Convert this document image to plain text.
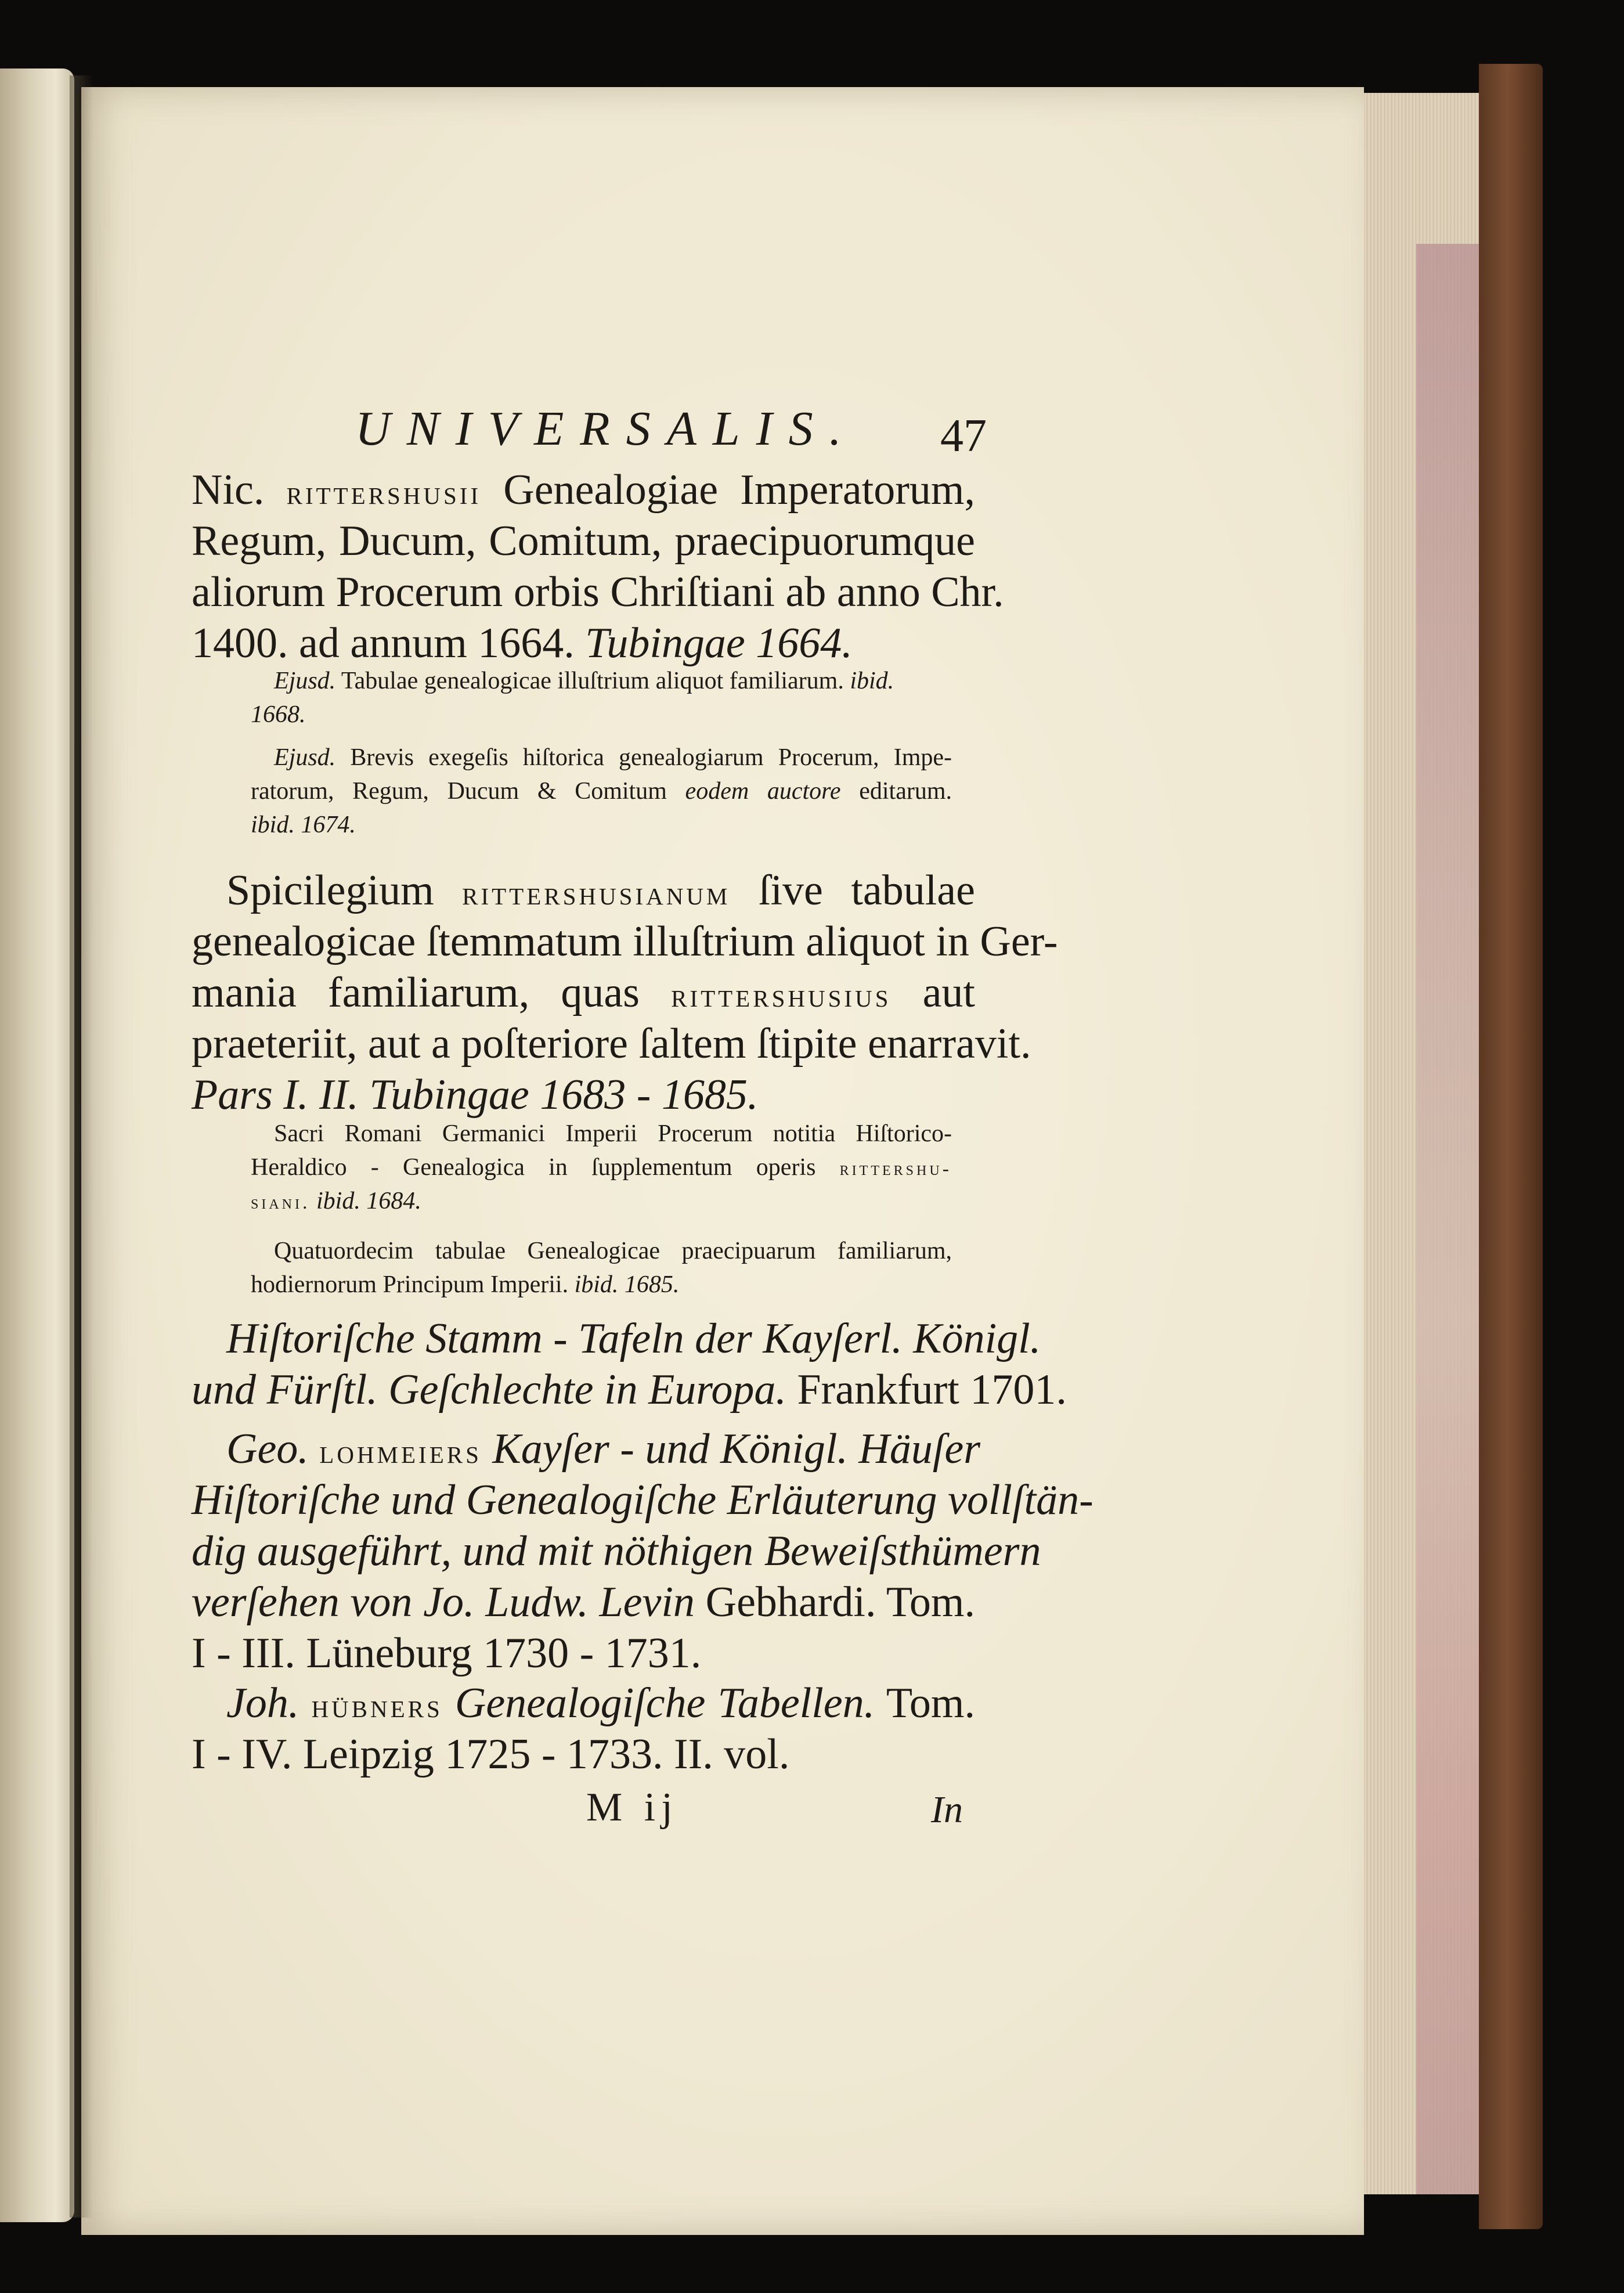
UNIVERSALIS. 47
Nic. rittershusii Genealogiae Imperatorum,
Regum, Ducum, Comitum, praecipuorumque
aliorum Procerum orbis Chriſtiani ab anno Chr.
1400. ad annum 1664. Tubingae 1664.
Ejusd. Tabulae genealogicae illuſtrium aliquot familiarum. ibid.
1668.
Ejusd. Brevis exegeſis hiſtorica genealogiarum Procerum, Impe-
ratorum, Regum, Ducum & Comitum eodem auctore editarum.
ibid. 1674.
Spicilegium rittershusianum ſive tabulae
genealogicae ſtemmatum illuſtrium aliquot in Ger-
mania familiarum, quas rittershusius aut
praeteriit, aut a poſteriore ſaltem ſtipite enarravit.
Pars I. II. Tubingae 1683 - 1685.
Sacri Romani Germanici Imperii Procerum notitia Hiſtorico-
Heraldico - Genealogica in ſupplementum operis rittershu-
siani. ibid. 1684.
Quatuordecim tabulae Genealogicae praecipuarum familiarum,
hodiernorum Principum Imperii. ibid. 1685.
Hiſtoriſche Stamm - Tafeln der Kayſerl. Königl.
und Fürſtl. Geſchlechte in Europa. Frankfurt 1701.
Geo. lohmeiers Kayſer - und Königl. Häuſer
Hiſtoriſche und Genealogiſche Erläuterung vollſtän-
dig ausgeführt, und mit nöthigen Beweiſsthümern
verſehen von Jo. Ludw. Levin Gebhardi. Tom.
I - III. Lüneburg 1730 - 1731.
Joh. hübners Genealogiſche Tabellen. Tom.
I - IV. Leipzig 1725 - 1733. II. vol.
M ij	In
